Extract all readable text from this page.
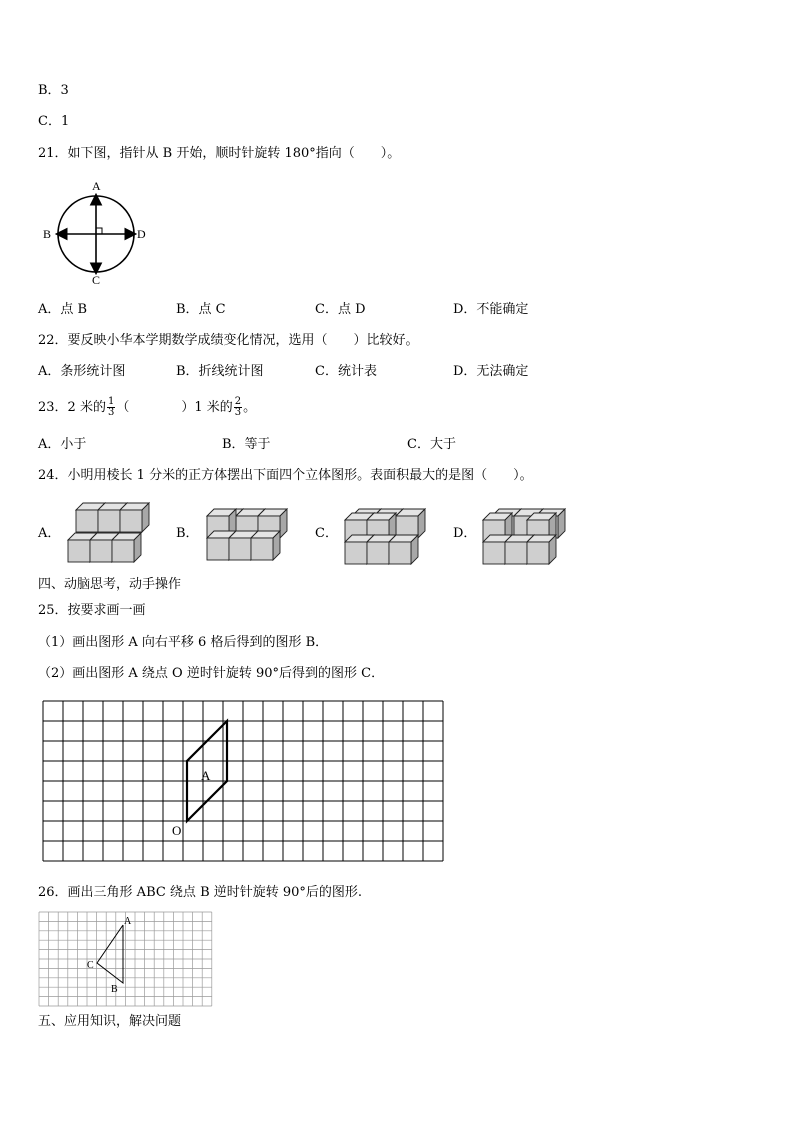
B．3
C．1
21．如下图，指针从 B 开始，顺时针旋转 180°指向（　　）。
A
B	D
C
A．点 B	B．点 C	C．点 D	D．不能确定
22．要反映小华本学期数学成绩变化情况，选用（　　）比较好。
A．条形统计图	B．折线统计图	C．统计表	D．无法确定
23．2 米的 $\frac{1}{3}$ （　　　　）1 米的 $\frac{2}{3}$ 。
A．小于	B．等于	C．大于
24．小明用棱长 1 分米的正方体摆出下面四个立体图形。表面积最大的是图（　　）。
A．	B．	C．	D．
四、动脑思考，动手操作
25．按要求画一画
（1）画出图形 A 向右平移 6 格后得到的图形 B．
（2）画出图形 A 绕点 O 逆时针旋转 90°后得到的图形 C．
A
O
26．画出三角形 ABC 绕点 B 逆时针旋转 90°后的图形.
A
C
B
五、应用知识，解决问题
